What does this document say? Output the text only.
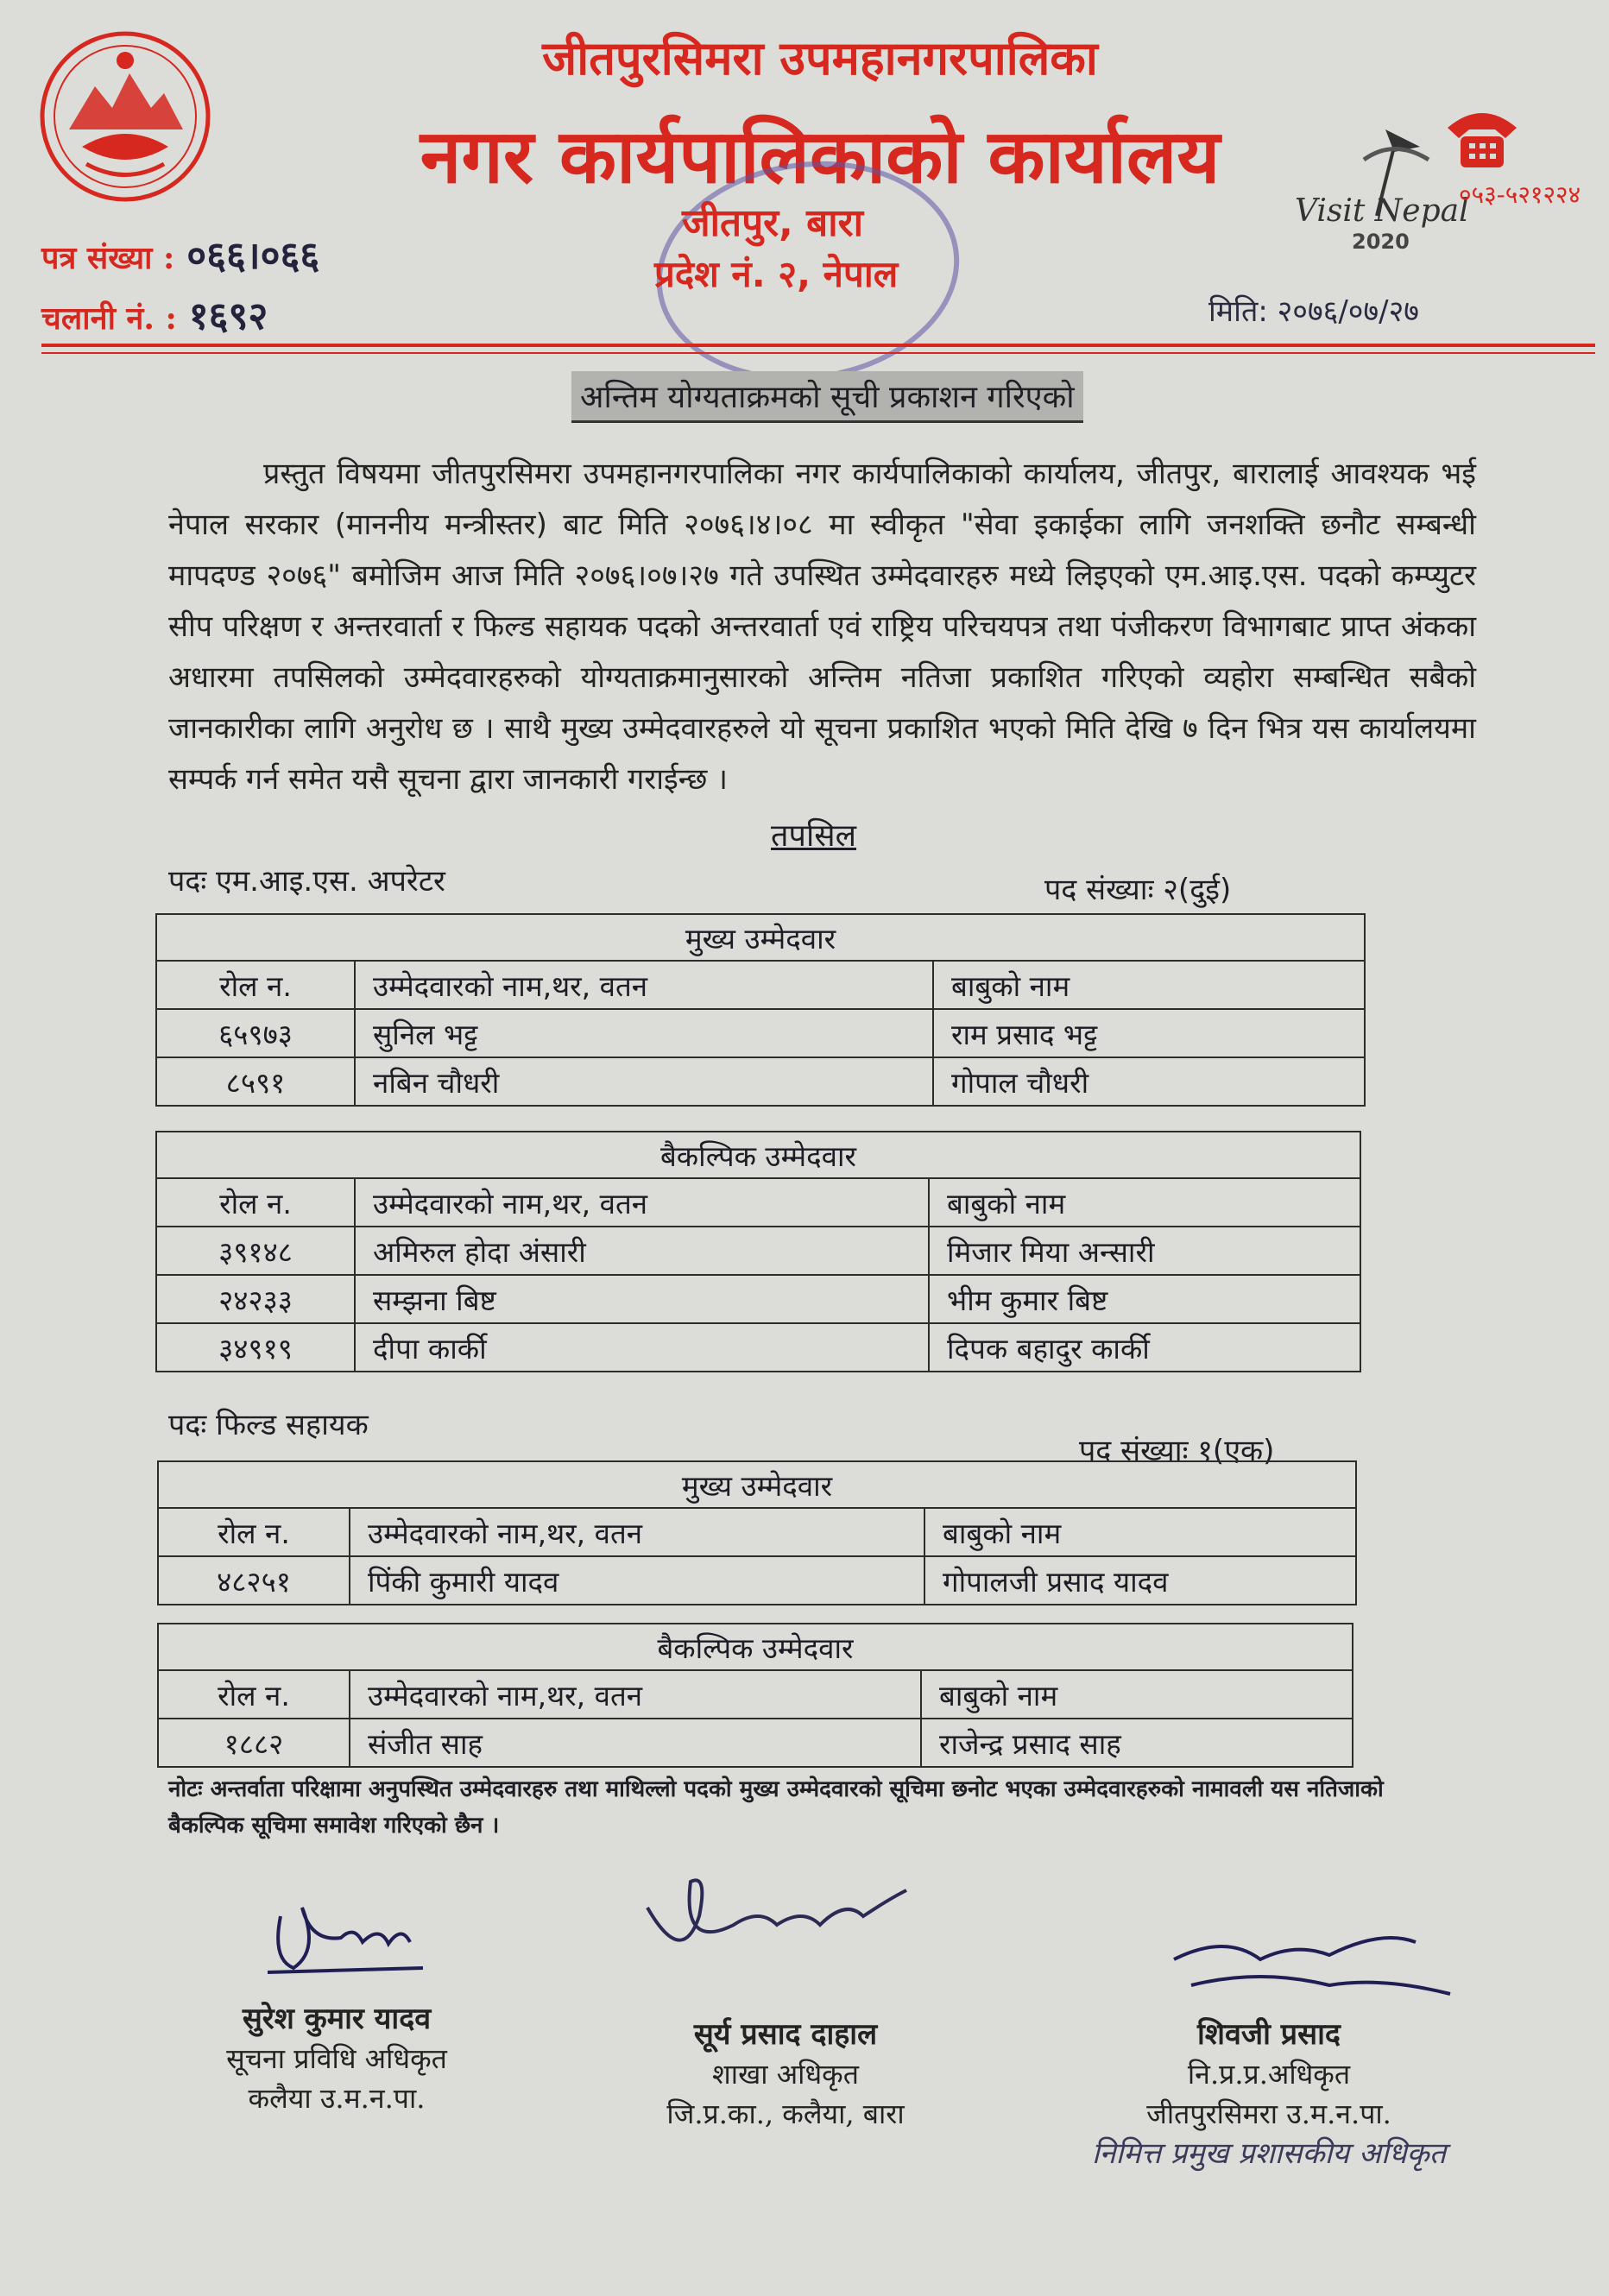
जीतपुरसिमरा उपमहानगरपालिका
नगर कार्यपालिकाको कार्यालय
Visit Nepal
2020
०५३-५२१२२४
जीतपुर, बारा
प्रदेश नं. २, नेपाल
पत्र संख्या : ०६६।०६६
चलानी नं. : १६९२	मिति: २०७६/०७/२७
अन्तिम योग्यताक्रमको सूची प्रकाशन गरिएको
प्रस्तुत विषयमा जीतपुरसिमरा उपमहानगरपालिका नगर कार्यपालिकाको कार्यालय, जीतपुर, बारालाई आवश्यक भई नेपाल सरकार (माननीय मन्त्रीस्तर) बाट मिति २०७६।४।०८ मा स्वीकृत "सेवा इकाईका लागि जनशक्ति छनौट सम्बन्धी मापदण्ड २०७६" बमोजिम आज मिति २०७६।०७।२७ गते उपस्थित उम्मेदवारहरु मध्ये लिइएको एम.आइ.एस. पदको कम्प्युटर सीप परिक्षण र अन्तरवार्ता र फिल्ड सहायक पदको अन्तरवार्ता एवं राष्ट्रिय परिचयपत्र तथा पंजीकरण विभागबाट प्राप्त अंकका अधारमा तपसिलको उम्मेदवारहरुको योग्यताक्रमानुसारको अन्तिम नतिजा प्रकाशित गरिएको व्यहोरा सम्बन्धित सबैको जानकारीका लागि अनुरोध छ । साथै मुख्य उम्मेदवारहरुले यो सूचना प्रकाशित भएको मिति देखि ७ दिन भित्र यस कार्यालयमा सम्पर्क गर्न समेत यसै सूचना द्वारा जानकारी गराईन्छ ।
तपसिल
पदः एम.आइ.एस. अपरेटर	पद संख्याः २(दुई)
मुख्य उम्मेदवार		
रोल न.	उम्मेदवारको नाम,थर, वतन	बाबुको नाम
६५९७३	सुनिल भट्ट	राम प्रसाद भट्ट
८५९१	नबिन चौधरी	गोपाल चौधरी
बैकल्पिक उम्मेदवार		
रोल न.	उम्मेदवारको नाम,थर, वतन	बाबुको नाम
३९१४८	अमिरुल होदा अंसारी	मिजार मिया अन्सारी
२४२३३	सम्झना बिष्ट	भीम कुमार बिष्ट
३४९१९	दीपा कार्की	दिपक बहादुर कार्की
पदः फिल्ड सहायक
पद संख्याः १(एक)
मुख्य उम्मेदवार		
रोल न.	उम्मेदवारको नाम,थर, वतन	बाबुको नाम
४८२५१	पिंकी कुमारी यादव	गोपालजी प्रसाद यादव
बैकल्पिक उम्मेदवार		
रोल न.	उम्मेदवारको नाम,थर, वतन	बाबुको नाम
१८८२	संजीत साह	राजेन्द्र प्रसाद साह
नोटः अन्तर्वाता परिक्षामा अनुपस्थित उम्मेदवारहरु तथा माथिल्लो पदको मुख्य उम्मेदवारको सूचिमा छनोट भएका उम्मेदवारहरुको नामावली यस नतिजाको बैकल्पिक सूचिमा समावेश गरिएको छैन ।
सुरेश कुमार यादव
सूचना प्रविधि अधिकृत
कलैया उ.म.न.पा.
सूर्य प्रसाद दाहाल
शाखा अधिकृत
जि.प्र.का., कलैया, बारा
शिवजी प्रसाद
नि.प्र.प्र.अधिकृत
जीतपुरसिमरा उ.म.न.पा.
निमित्त प्रमुख प्रशासकीय अधिकृत
